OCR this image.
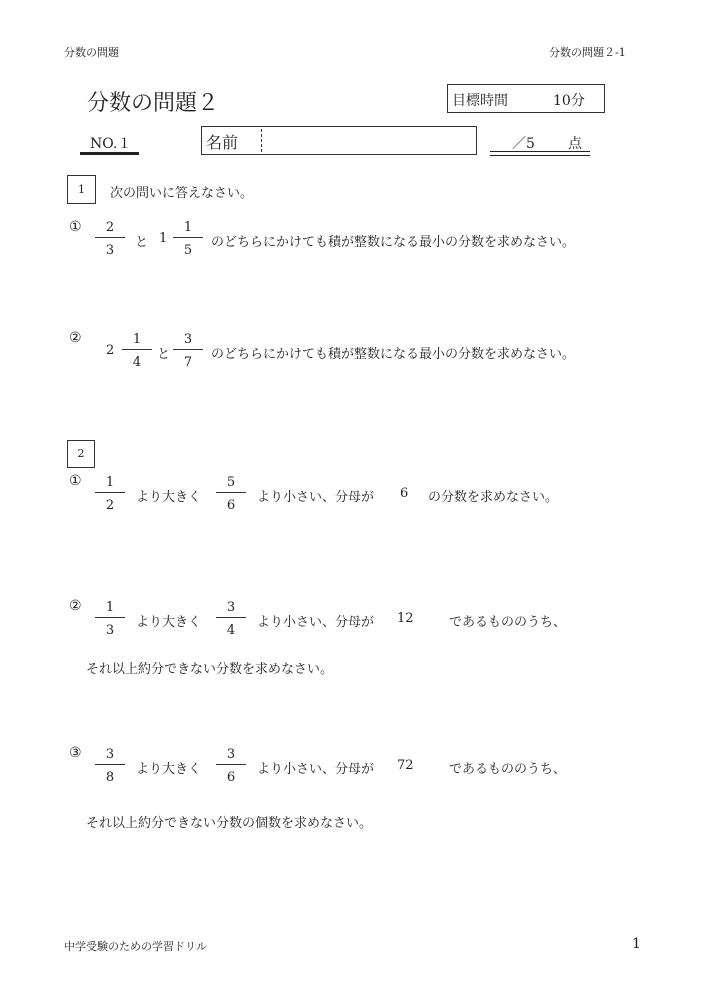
分数の問題	分数の問題２-1
分数の問題２	目標時間	10分
NO.１	名前	／5 点
1	次の問いに答えなさい。
①	2
3
と 1
1
5
のどちらにかけても積が整数になる最小の分数を求めなさい。
②
2
1
4
と
3
7
のどちらにかけても積が整数になる最小の分数を求めなさい。
2
①	1
2
より大きく
5
6
より小さい、分母が 6 の分数を求めなさい。
②	1
3
より大きく
3
4
より小さい、分母が 12	であるもののうち、
それ以上約分できない分数を求めなさい。
③	3
8
より大きく
3
6
より小さい、分母が 72	であるもののうち、
それ以上約分できない分数の個数を求めなさい。
中学受験のための学習ドリル	1
